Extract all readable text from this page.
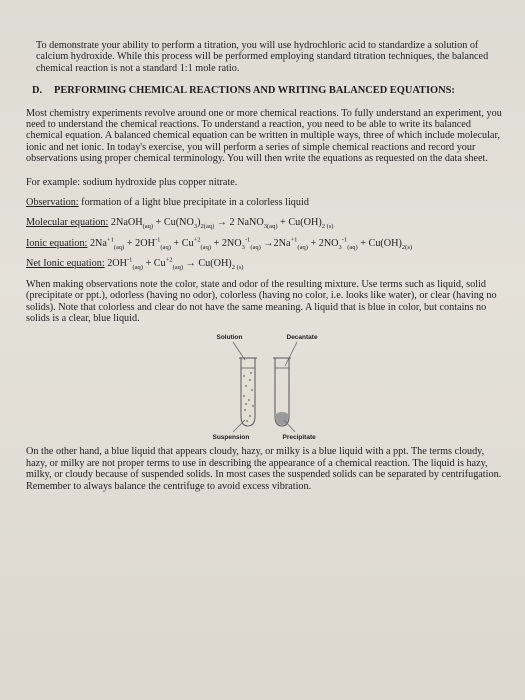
To demonstrate your ability to perform a titration, you will use hydrochloric acid to standardize a solution of calcium hydroxide. While this process will be performed employing standard titration techniques, the balanced chemical reaction is not a standard 1:1 mole ratio.

D.	PERFORMING CHEMICAL REACTIONS AND WRITING BALANCED EQUATIONS:

Most chemistry experiments revolve around one or more chemical reactions. To fully understand an experiment, you need to understand the chemical reactions. To understand a reaction, you need to be able to write its balanced chemical equation. A balanced chemical equation can be written in multiple ways, three of which include molecular, ionic and net ionic. In today's exercise, you will perform a series of simple chemical reactions and record your observations using proper chemical terminology. You will then write the equations as requested on the data sheet.

For example: sodium hydroxide plus copper nitrate.

Observation: formation of a light blue precipitate in a colorless liquid

Molecular equation: 2NaOH$_{(aq)}$ + $Cu(NO_3)_{2(aq)} \to 2$ NaNO$_{3(aq)}$ + $Cu(OH)_{2 (s)}$

Ionic equation: $2Na^{+1}_{(aq)} + 2OH^{-1}_{(aq)} + Cu^{+2}_{(aq)} + 2NO_3^{-1}_{(aq)} \to 2Na^{+1}_{(aq)} + 2NO_3^{-1}_{(aq)} + Cu(OH)_{2(s)}$

Net Ionic equation: $2OH^{-1}_{(aq)} + Cu^{+2}_{(aq)} \to Cu(OH)_{2 (s)}$

When making observations note the color, state and odor of the resulting mixture. Use terms such as liquid, solid (precipitate or ppt.), odorless (having no odor), colorless (having no color, i.e. looks like water), or clear (having no solids). Note that colorless and clear do not have the same meaning. A liquid that is blue in color, but contains no solids is a clear, blue liquid.

Solution	Decantate
Suspension	Precipitate

On the other hand, a blue liquid that appears cloudy, hazy, or milky is a blue liquid with a ppt. The terms cloudy, hazy, or milky are not proper terms to use in describing the appearance of a chemical reaction. The liquid is hazy, milky, or cloudy because of suspended solids. In most cases the suspended solids can be separated by centrifugation. Remember to always balance the centrifuge to avoid excess vibration.
